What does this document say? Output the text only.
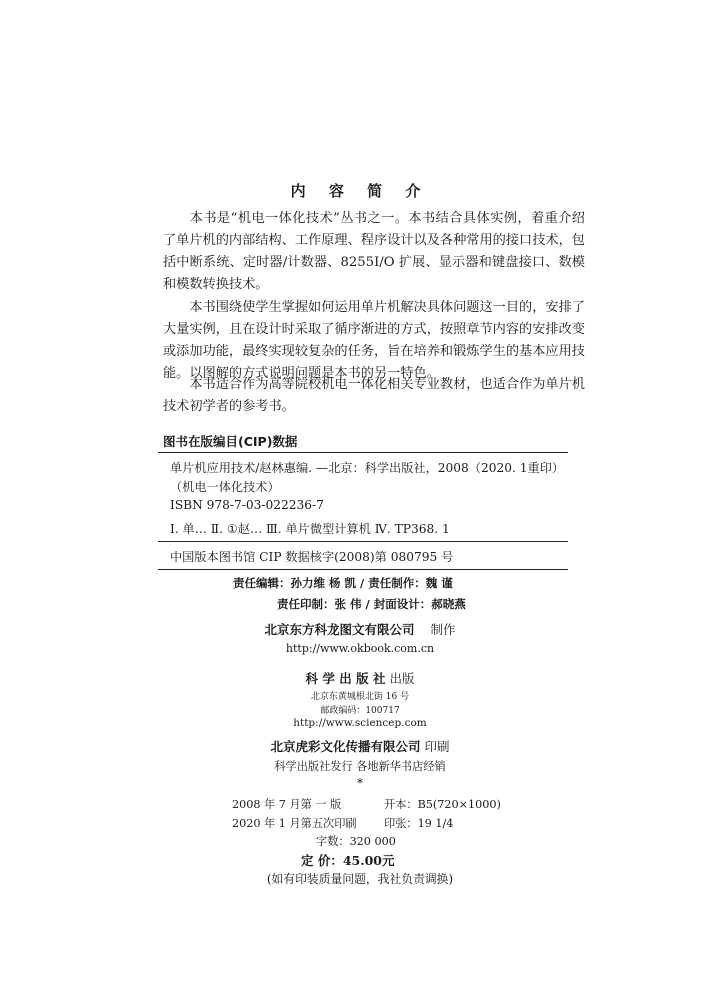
内 容 简 介
  本书是“机电一体化技术”丛书之一。本书结合具体实例，着重介绍了单片机的内部结构、工作原理、程序设计以及各种常用的接口技术，包括中断系统、定时器/计数器、8255I/O 扩展、显示器和键盘接口、数模和模数转换技术。
  本书围绕使学生掌握如何运用单片机解决具体问题这一目的，安排了大量实例，且在设计时采取了循序渐进的方式，按照章节内容的安排改变或添加功能，最终实现较复杂的任务，旨在培养和锻炼学生的基本应用技能。以图解的方式说明问题是本书的另一特色。
  本书适合作为高等院校机电一体化相关专业教材，也适合作为单片机技术初学者的参考书。
图书在版编目(CIP)数据
单片机应用技术/赵林惠编. —北京：科学出版社，2008（2020. 1重印）
（机电一体化技术）
ISBN 978-7-03-022236-7
Ⅰ. 单… Ⅱ. ①赵… Ⅲ. 单片微型计算机 Ⅳ. TP368. 1
中国版本图书馆 CIP 数据核字(2008)第 080795 号
责任编辑：孙力维 杨 凯 / 责任制作：魏 谨
责任印制：张 伟 / 封面设计：郝晓燕
北京东方科龙图文有限公司 制作
http://www.okbook.com.cn
科 学 出 版 社 出版
北京东黄城根北街 16 号
邮政编码：100717
http://www.sciencep.com
北京虎彩文化传播有限公司 印刷
科学出版社发行 各地新华书店经销
*
2008 年 7 月第 一 版	开本：B5(720×1000)
2020 年 1 月第五次印刷 印张：19 1/4
字数：320 000
定 价：45.00元
(如有印装质量问题，我社负责调换)
